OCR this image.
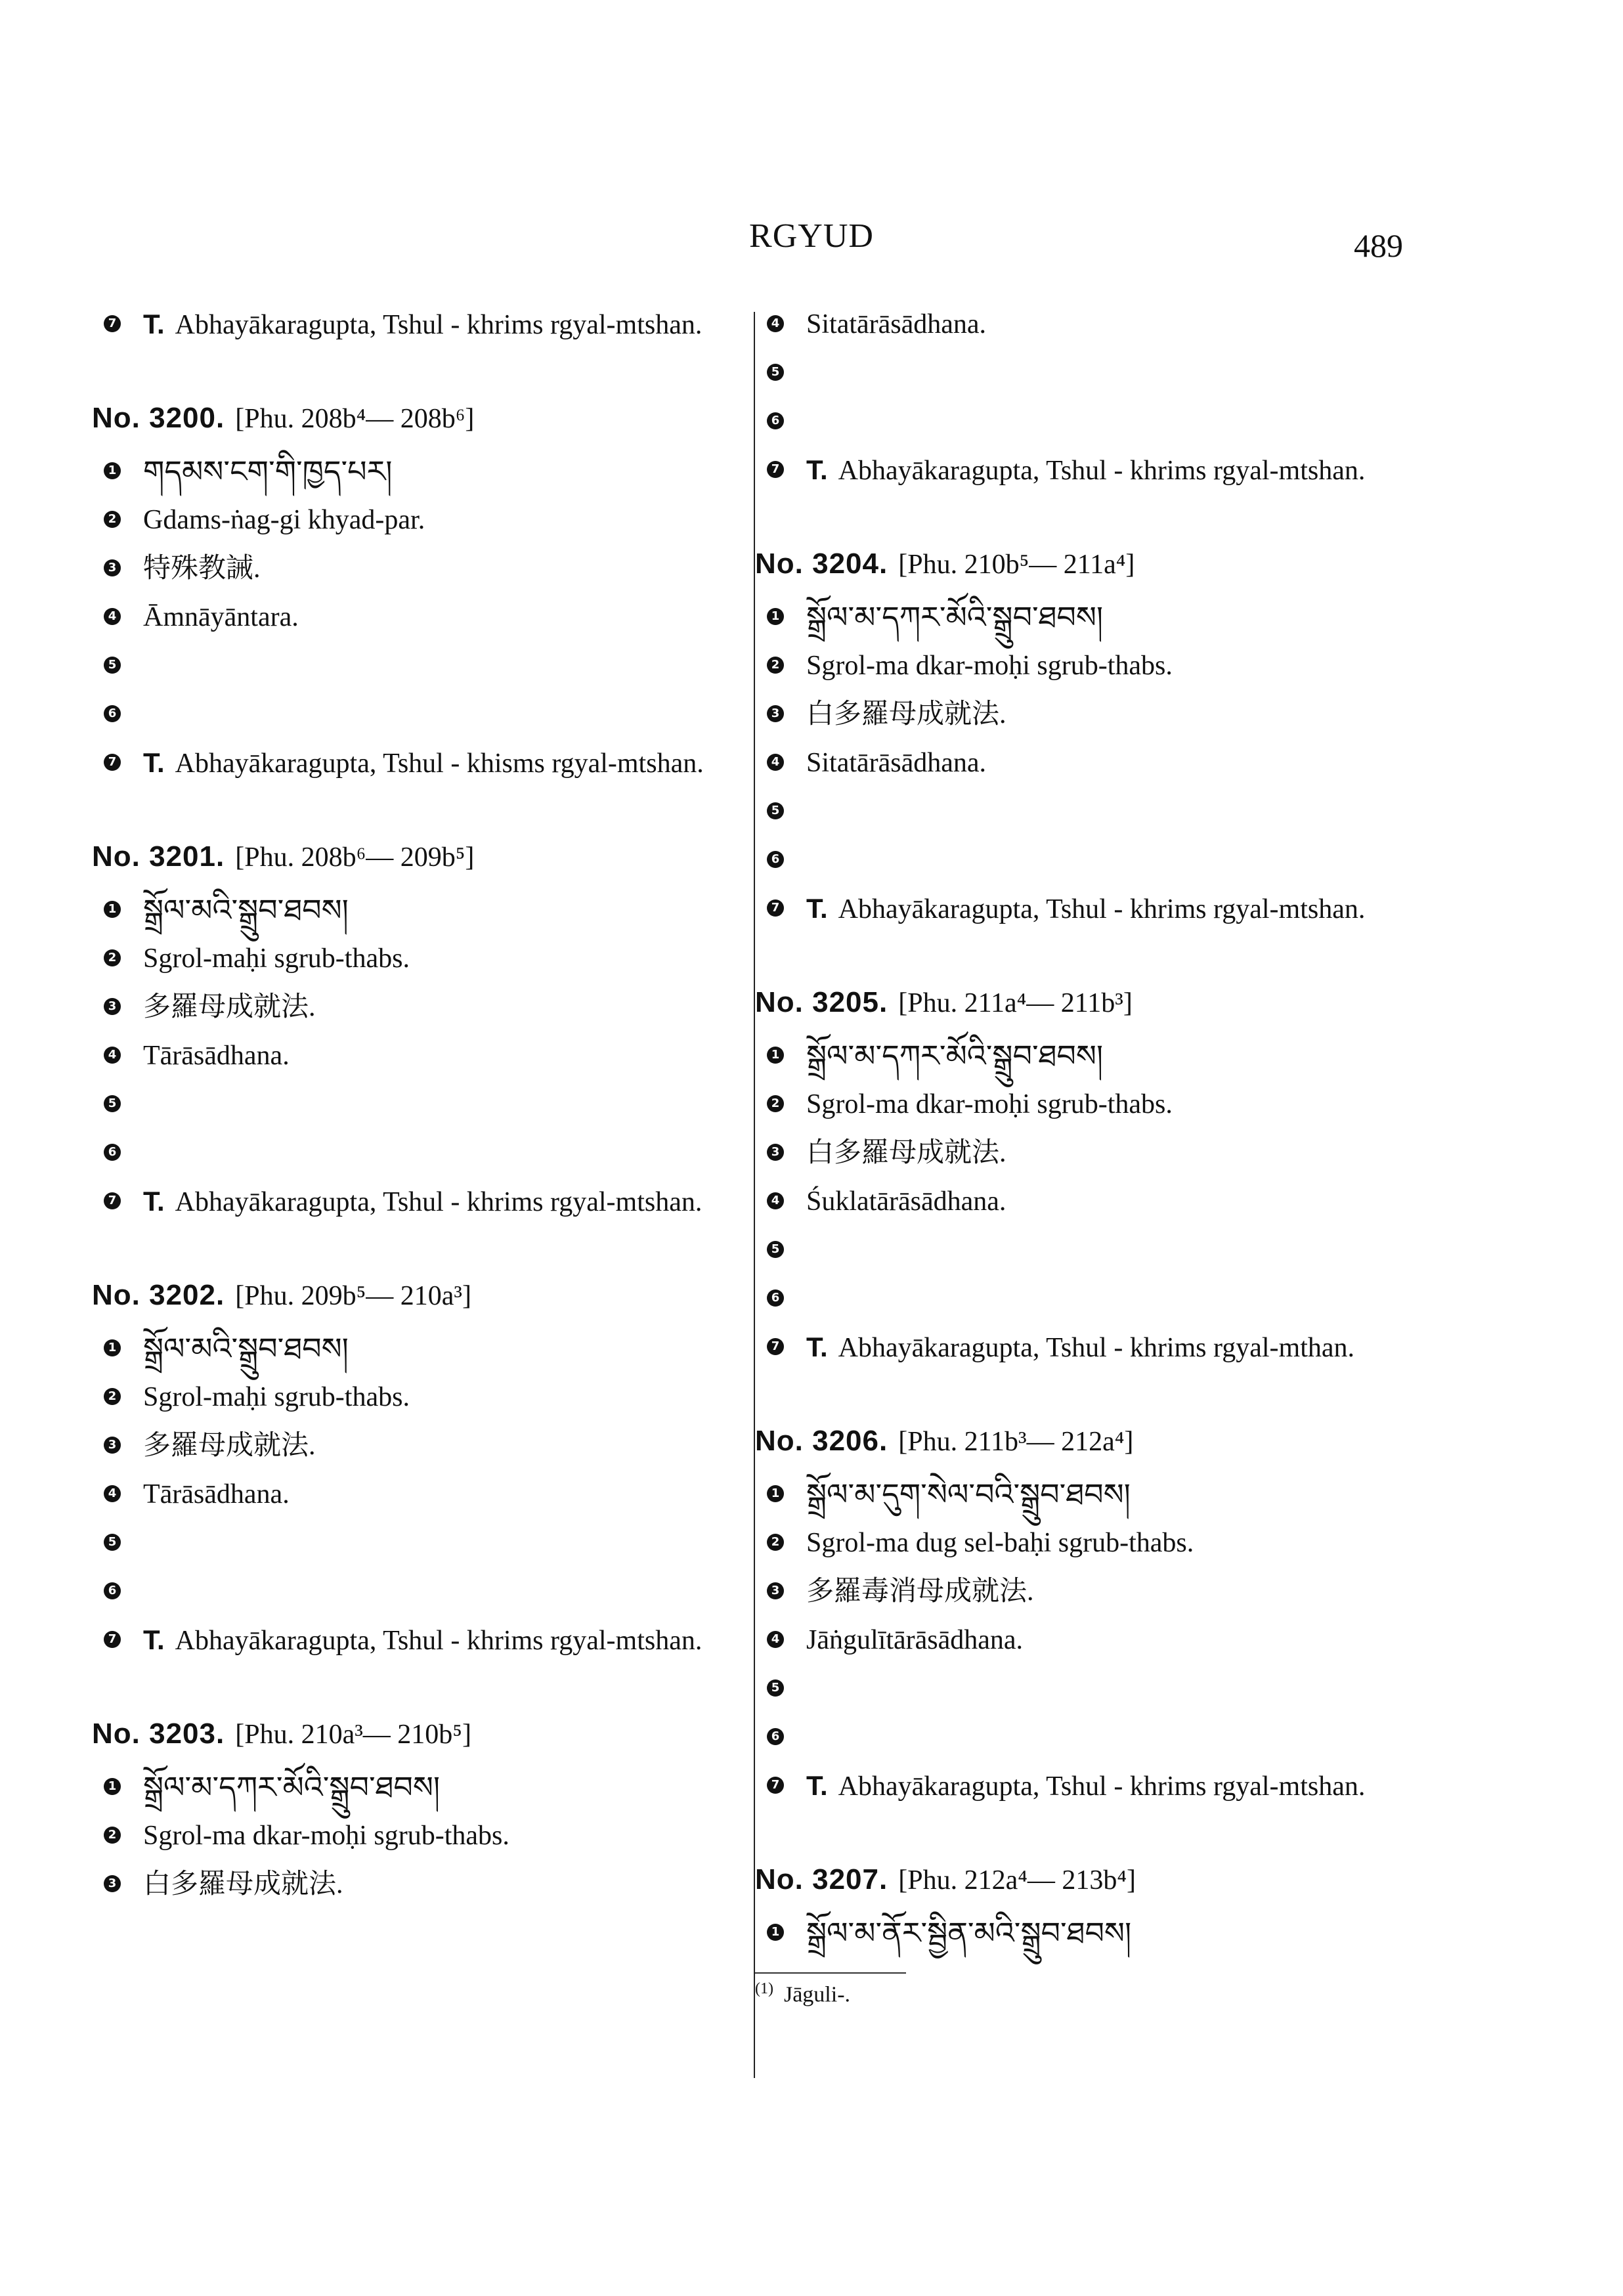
RGYUD	489
7 T. Abhayākaragupta, Tshul - khrims rgyal-mtshan.
No. 3200. [Phu. 208b⁴— 208b⁶]
1 གདམས་ངག་གི་ཁྱད་པར།
2 Gdams-ṅag-gi khyad-par.
3 特殊教誡.
4 Āmnāyāntara.
5
6
7 T. Abhayākaragupta, Tshul - khisms rgyal-mtshan.
No. 3201. [Phu. 208b⁶— 209b⁵]
1 སྒྲོལ་མའི་སྒྲུབ་ཐབས།
2 Sgrol-maḥi sgrub-thabs.
3 多羅母成就法.
4 Tārāsādhana.
5
6
7 T. Abhayākaragupta, Tshul - khrims rgyal-mtshan.
No. 3202. [Phu. 209b⁵— 210a³]
1 སྒྲོལ་མའི་སྒྲུབ་ཐབས།
2 Sgrol-maḥi sgrub-thabs.
3 多羅母成就法.
4 Tārāsādhana.
5
6
7 T. Abhayākaragupta, Tshul - khrims rgyal-mtshan.
No. 3203. [Phu. 210a³— 210b⁵]
1 སྒྲོལ་མ་དཀར་མོའི་སྒྲུབ་ཐབས།
2 Sgrol-ma dkar-moḥi sgrub-thabs.
3 白多羅母成就法.
4 Sitatārāsādhana.
5
6
7 T. Abhayākaragupta, Tshul - khrims rgyal-mtshan.
No. 3204. [Phu. 210b⁵— 211a⁴]
1 སྒྲོལ་མ་དཀར་མོའི་སྒྲུབ་ཐབས།
2 Sgrol-ma dkar-moḥi sgrub-thabs.
3 白多羅母成就法.
4 Sitatārāsādhana.
5
6
7 T. Abhayākaragupta, Tshul - khrims rgyal-mtshan.
No. 3205. [Phu. 211a⁴— 211b³]
1 སྒྲོལ་མ་དཀར་མོའི་སྒྲུབ་ཐབས།
2 Sgrol-ma dkar-moḥi sgrub-thabs.
3 白多羅母成就法.
4 Śuklatārāsādhana.
5
6
7 T. Abhayākaragupta, Tshul - khrims rgyal-mthan.
No. 3206. [Phu. 211b³— 212a⁴]
1 སྒྲོལ་མ་དུག་སེལ་བའི་སྒྲུབ་ཐབས།
2 Sgrol-ma dug sel-baḥi sgrub-thabs.
3 多羅毒消母成就法.
4 Jāṅgulītārāsādhana.
5
6
7 T. Abhayākaragupta, Tshul - khrims rgyal-mtshan.
No. 3207. [Phu. 212a⁴— 213b⁴]
1 སྒྲོལ་མ་ནོར་སྦྱིན་མའི་སྒྲུབ་ཐབས།
$^{(1)}$ Jāguli-.
